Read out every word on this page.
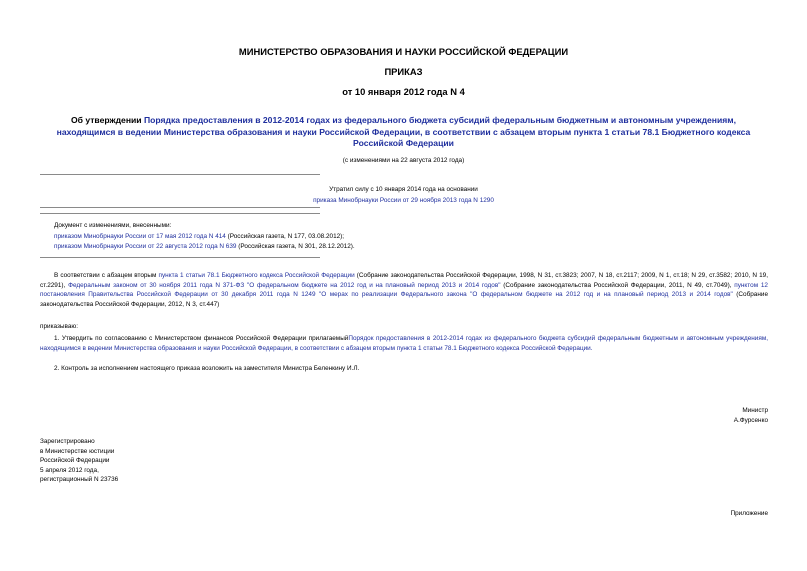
МИНИСТЕРСТВО ОБРАЗОВАНИЯ И НАУКИ РОССИЙСКОЙ ФЕДЕРАЦИИ
ПРИКАЗ
от 10 января 2012 года N 4
Об утверждении Порядка предоставления в 2012-2014 годах из федерального бюджета субсидий федеральным бюджетным и автономным учреждениям, находящимся в ведении Министерства образования и науки Российской Федерации, в соответствии с абзацем вторым пункта 1 статьи 78.1 Бюджетного кодекса Российской Федерации
(с изменениями на 22 августа 2012 года)
Утратил силу с 10 января 2014 года на основании
приказа Минобрнауки России от 29 ноября 2013 года N 1290
Документ с изменениями, внесенными:
приказом Минобрнауки России от 17 мая 2012 года N 414 (Российская газета, N 177, 03.08.2012);
приказом Минобрнауки России от 22 августа 2012 года N 639 (Российская газета, N 301, 28.12.2012).
В соответствии с абзацем вторым пункта 1 статьи 78.1 Бюджетного кодекса Российской Федерации (Собрание законодательства Российской Федерации, 1998, N 31, ст.3823; 2007, N 18, ст.2117; 2009, N 1, ст.18; N 29, ст.3582; 2010, N 19, ст.2291), Федеральным законом от 30 ноября 2011 года N 371-ФЗ "О федеральном бюджете на 2012 год и на плановый период 2013 и 2014 годов" (Собрание законодательства Российской Федерации, 2011, N 49, ст.7049), пунктом 12 постановления Правительства Российской Федерации от 30 декабря 2011 года N 1249 "О мерах по реализации Федерального закона "О федеральном бюджете на 2012 год и на плановый период 2013 и 2014 годов" (Собрание законодательства Российской Федерации, 2012, N 3, ст.447)
приказываю:
1. Утвердить по согласованию с Министерством финансов Российской Федерации прилагаемыйПорядок предоставления в 2012-2014 годах из федерального бюджета субсидий федеральным бюджетным и автономным учреждениям, находящимся в ведении Министерства образования и науки Российской Федерации, в соответствии с абзацем вторым пункта 1 статьи 78.1 Бюджетного кодекса Российской Федерации.
2. Контроль за исполнением настоящего приказа возложить на заместителя Министра Беленкину И.Л.
Министр
А.Фурсенко
Зарегистрировано
в Министерстве юстиции
Российской Федерации
5 апреля 2012 года,
регистрационный N 23736
Приложение
